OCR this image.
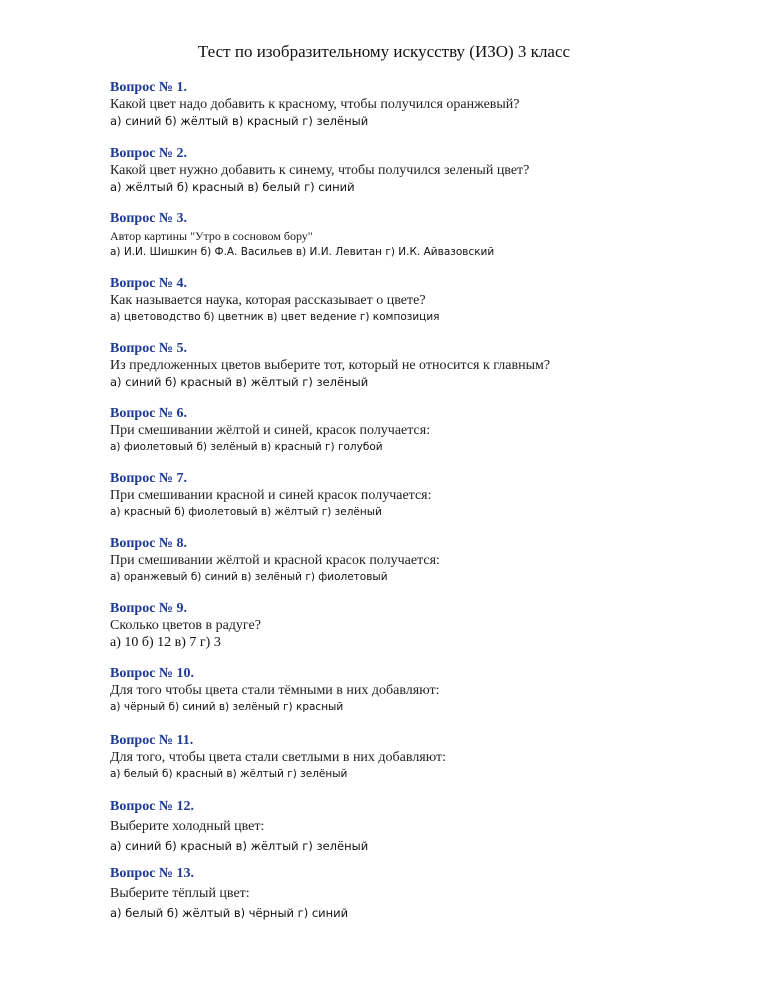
Тест по изобразительному искусству (ИЗО) 3 класс
Вопрос № 1.
Какой цвет надо добавить к красному, чтобы получился оранжевый?
а) синий б) жёлтый в) красный г) зелёный
Вопрос № 2.
Какой цвет нужно добавить к синему, чтобы получился зеленый цвет?
а) жёлтый б) красный в) белый г) синий
Вопрос № 3.
Автор картины "Утро в сосновом бору"
а) И.И. Шишкин б) Ф.А. Васильев в) И.И. Левитан г) И.К. Айвазовский
Вопрос № 4.
Как называется наука, которая рассказывает о цвете?
а) цветоводство б) цветник в) цвет ведение г) композиция
Вопрос № 5.
Из предложенных цветов выберите тот, который не относится к главным?
а) синий б) красный в) жёлтый г) зелёный
Вопрос № 6.
При смешивании жёлтой и синей, красок получается:
а) фиолетовый б) зелёный в) красный г) голубой
Вопрос № 7.
При смешивании красной и синей красок получается:
а) красный б) фиолетовый в) жёлтый г) зелёный
Вопрос № 8.
При смешивании жёлтой и красной красок получается:
а) оранжевый б) синий в) зелёный г) фиолетовый
Вопрос № 9.
Сколько цветов в радуге?
а) 10 б) 12 в) 7 г) 3
Вопрос № 10.
Для того чтобы цвета стали тёмными в них добавляют:
а) чёрный б) синий в) зелёный г) красный
Вопрос № 11.
Для того, чтобы цвета стали светлыми в них добавляют:
а) белый б) красный в) жёлтый г) зелёный
Вопрос № 12.
Выберите холодный цвет:
а) синий б) красный в) жёлтый г) зелёный
Вопрос № 13.
Выберите тёплый цвет:
а) белый б) жёлтый в) чёрный г) синий
